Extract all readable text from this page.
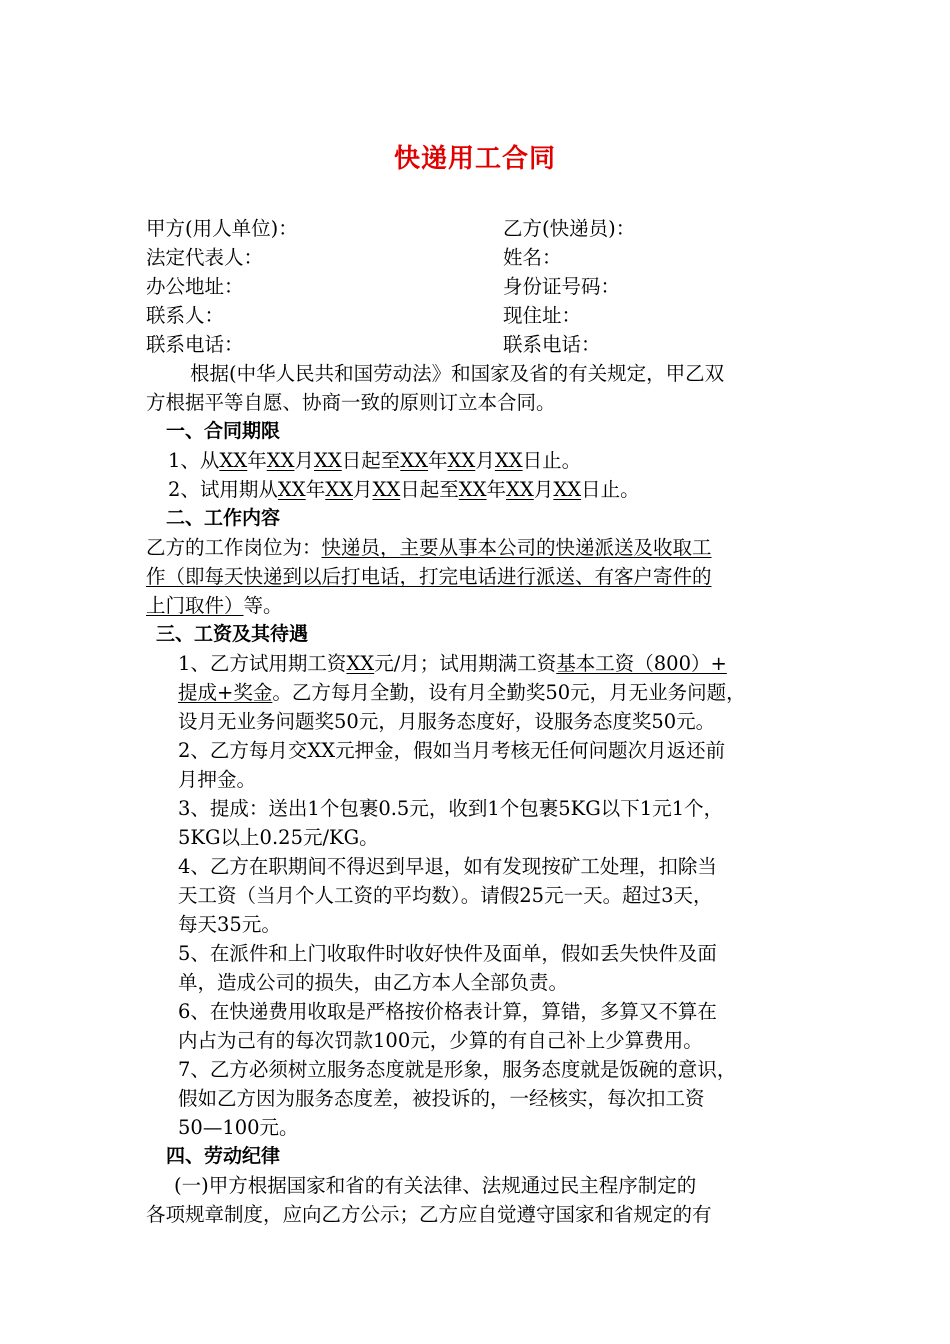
快递用工合同
甲方(用人单位)：	乙方(快递员)：
法定代表人：	姓名：
办公地址：	身份证号码：
联系人：	现住址：
联系电话：	联系电话：
根据(中华人民共和国劳动法》和国家及省的有关规定，甲乙双
方根据平等自愿、协商一致的原则订立本合同。
一、合同期限
1、从XX年XX月XX日起至XX年XX月XX日止。
2、试用期从XX年XX月XX日起至XX年XX月XX日止。
二、工作内容
乙方的工作岗位为：快递员，主要从事本公司的快递派送及收取工
作（即每天快递到以后打电话，打完电话进行派送、有客户寄件的
上门取件）等。
三、工资及其待遇
1、乙方试用期工资XX元/月；试用期满工资基本工资（800）+
提成+奖金。乙方每月全勤，设有月全勤奖50元，月无业务问题，
设月无业务问题奖50元，月服务态度好，设服务态度奖50元。
2、乙方每月交XX元押金，假如当月考核无任何问题次月返还前
月押金。
3、提成：送出1个包裹0.5元，收到1个包裹5KG以下1元1个，
5KG以上0.25元/KG。
4、乙方在职期间不得迟到早退，如有发现按矿工处理，扣除当
天工资（当月个人工资的平均数）。请假25元一天。超过3天，
每天35元。
5、在派件和上门收取件时收好快件及面单，假如丢失快件及面
单，造成公司的损失，由乙方本人全部负责。
6、在快递费用收取是严格按价格表计算，算错，多算又不算在
内占为己有的每次罚款100元，少算的有自己补上少算费用。
7、乙方必须树立服务态度就是形象，服务态度就是饭碗的意识，
假如乙方因为服务态度差，被投诉的，一经核实，每次扣工资
50—100元。
四、劳动纪律
(一)甲方根据国家和省的有关法律、法规通过民主程序制定的
各项规章制度，应向乙方公示；乙方应自觉遵守国家和省规定的有
